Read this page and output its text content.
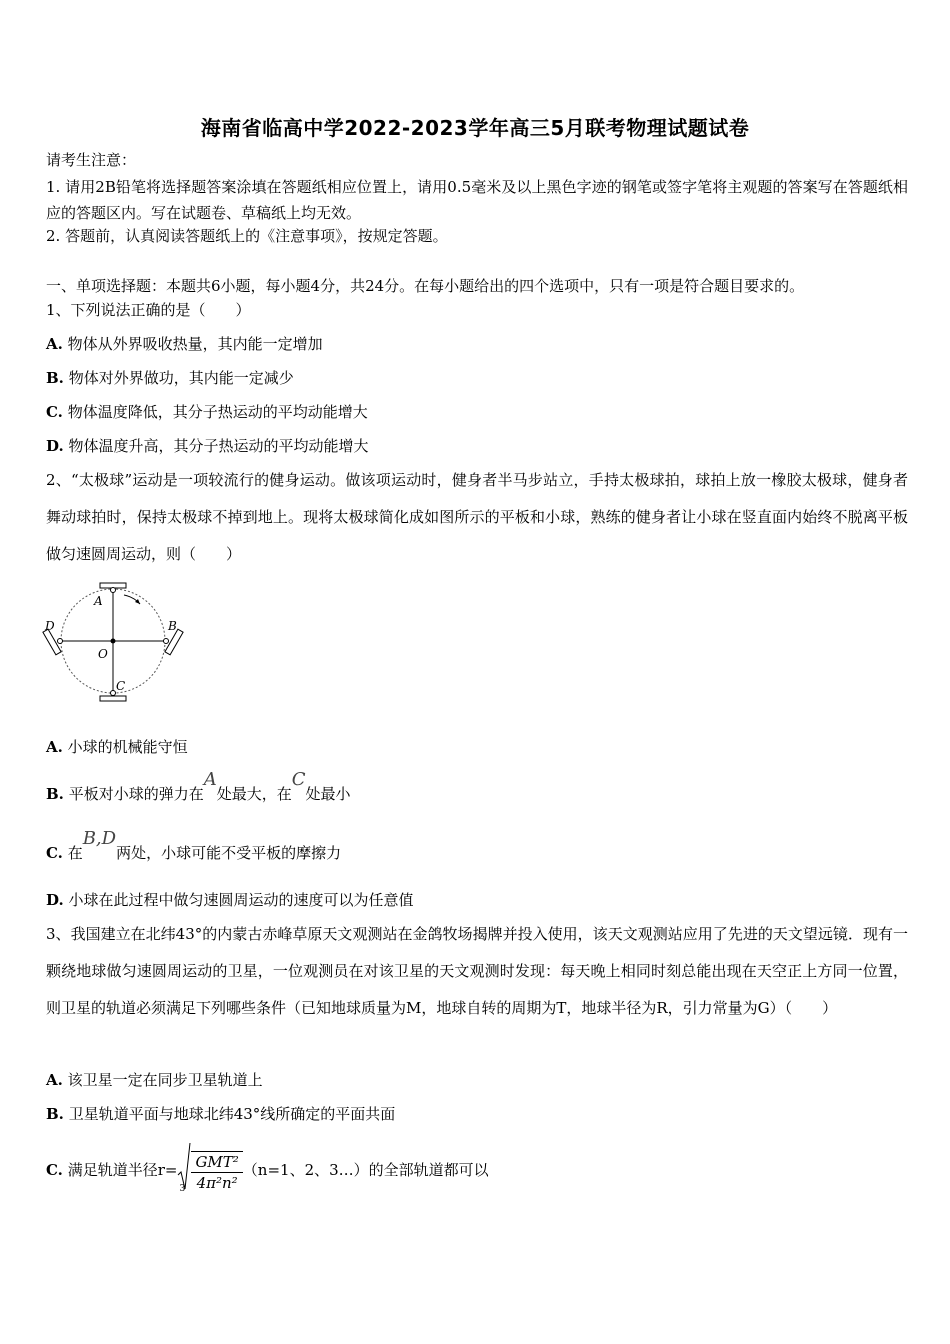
海南省临高中学2022-2023学年高三5月联考物理试题试卷
请考生注意：
1. 请用2B铅笔将选择题答案涂填在答题纸相应位置上，请用0.5毫米及以上黑色字迹的钢笔或签字笔将主观题的答案写在答题纸相应的答题区内。写在试题卷、草稿纸上均无效。
2. 答题前，认真阅读答题纸上的《注意事项》，按规定答题。
一、单项选择题：本题共6小题，每小题4分，共24分。在每小题给出的四个选项中，只有一项是符合题目要求的。
1、下列说法正确的是（　　）
A. 物体从外界吸收热量，其内能一定增加
B. 物体对外界做功，其内能一定减少
C. 物体温度降低，其分子热运动的平均动能增大
D. 物体温度升高，其分子热运动的平均动能增大
2、“太极球”运动是一项较流行的健身运动。做该项运动时，健身者半马步站立，手持太极球拍，球拍上放一橡胶太极球，健身者舞动球拍时，保持太极球不掉到地上。现将太极球简化成如图所示的平板和小球，熟练的健身者让小球在竖直面内始终不脱离平板做匀速圆周运动，则（　　）
A
B
C
D
O
A. 小球的机械能守恒
B. 平板对小球的弹力在A处最大，在C处最小
C. 在B,D两处，小球可能不受平板的摩擦力
D. 小球在此过程中做匀速圆周运动的速度可以为任意值
3、我国建立在北纬43°的内蒙古赤峰草原天文观测站在金鸽牧场揭牌并投入使用，该天文观测站应用了先进的天文望远镜．现有一颗绕地球做匀速圆周运动的卫星，一位观测员在对该卫星的天文观测时发现：每天晚上相同时刻总能出现在天空正上方同一位置，则卫星的轨道必须满足下列哪些条件（已知地球质量为M，地球自转的周期为T，地球半径为R，引力常量为G）（　　）
A. 该卫星一定在同步卫星轨道上
B. 卫星轨道平面与地球北纬43°线所确定的平面共面
C. 满足轨道半径r=
$3 \frac{\text{GMT²}}{\text{4π²n²}} (n=1$、2、3…）的全部轨道都可以
